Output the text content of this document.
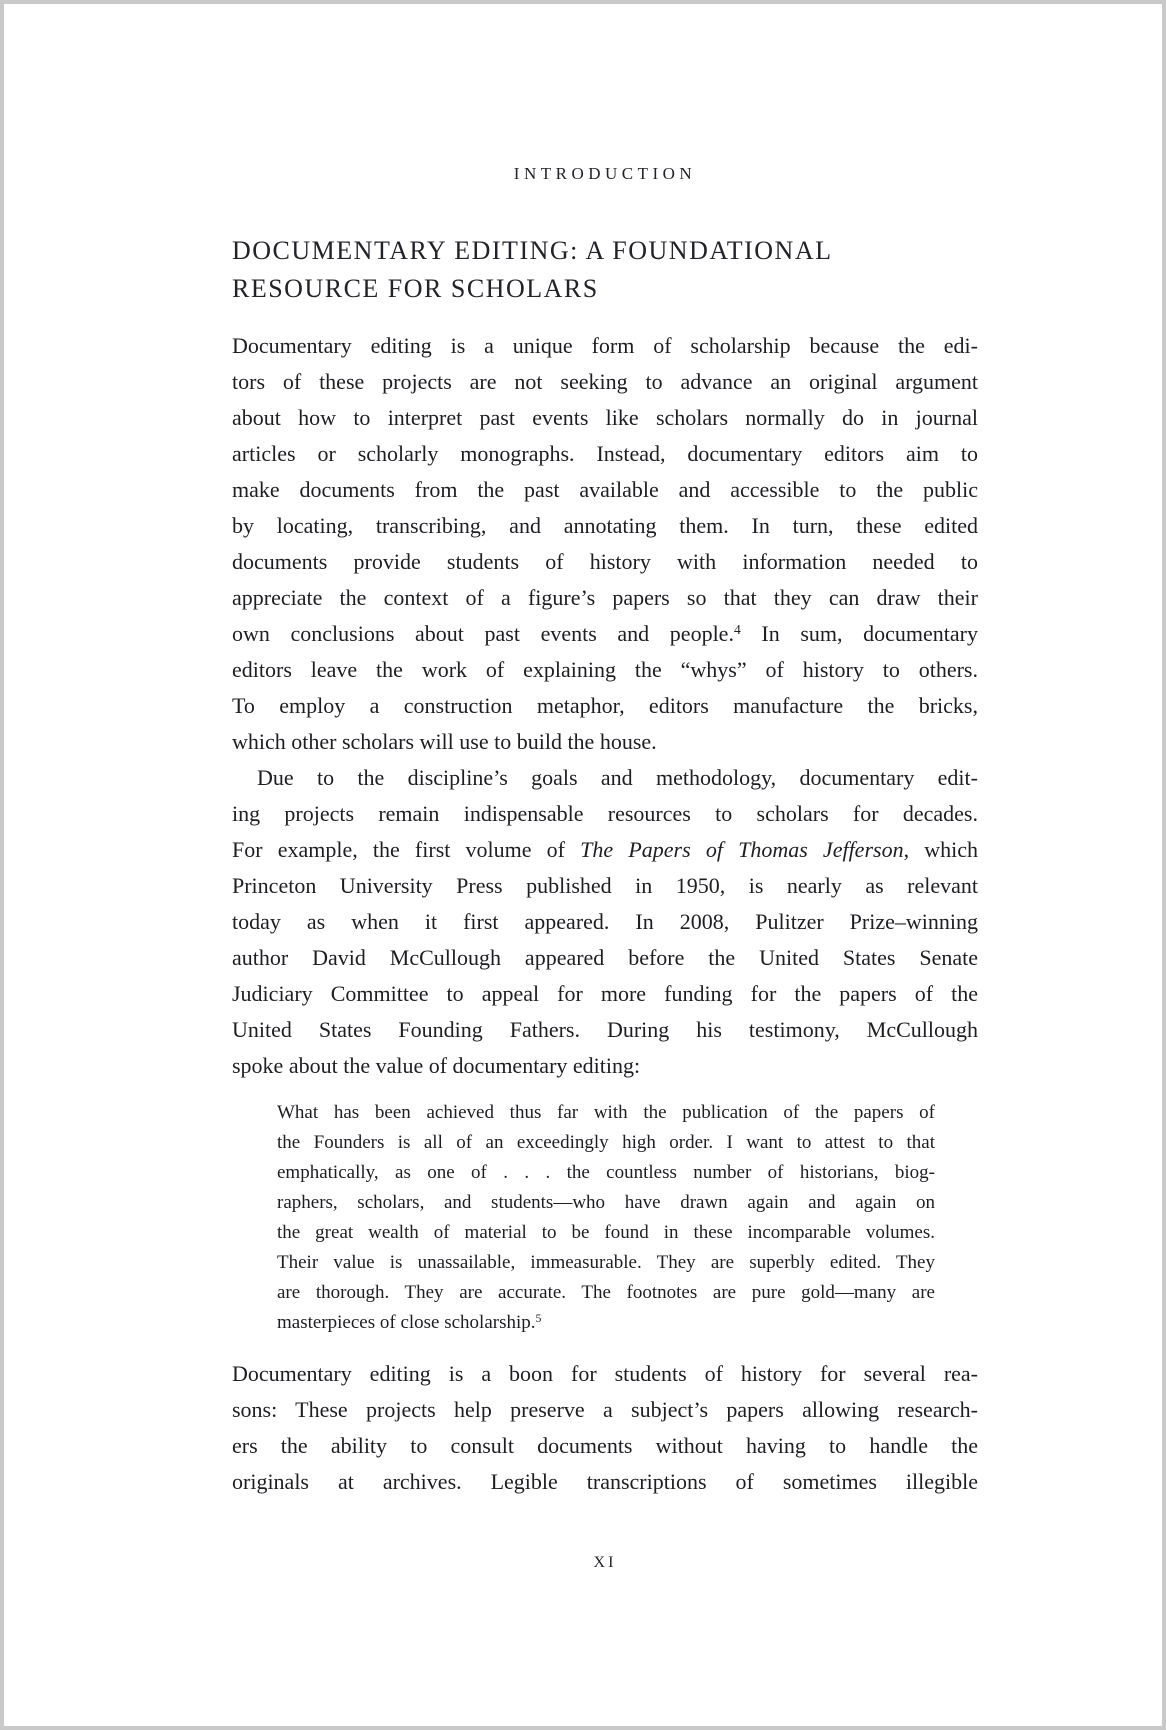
INTRODUCTION
DOCUMENTARY EDITING: A FOUNDATIONAL
RESOURCE FOR SCHOLARS
Documentary editing is a unique form of scholarship because the edi-
tors of these projects are not seeking to advance an original argument
about how to interpret past events like scholars normally do in journal
articles or scholarly monographs. Instead, documentary editors aim to
make documents from the past available and accessible to the public
by locating, transcribing, and annotating them. In turn, these edited
documents provide students of history with information needed to
appreciate the context of a figure’s papers so that they can draw their
own conclusions about past events and people.$^4$ In sum, documentary
editors leave the work of explaining the “whys” of history to others.
To employ a construction metaphor, editors manufacture the bricks,
which other scholars will use to build the house.
Due to the discipline’s goals and methodology, documentary edit-
ing projects remain indispensable resources to scholars for decades.
For example, the first volume of The Papers of Thomas Jefferson, which
Princeton University Press published in 1950, is nearly as relevant
today as when it first appeared. In 2008, Pulitzer Prize–winning
author David McCullough appeared before the United States Senate
Judiciary Committee to appeal for more funding for the papers of the
United States Founding Fathers. During his testimony, McCullough
spoke about the value of documentary editing:
What has been achieved thus far with the publication of the papers of
the Founders is all of an exceedingly high order. I want to attest to that
emphatically, as one of . . . the countless number of historians, biog-
raphers, scholars, and students—who have drawn again and again on
the great wealth of material to be found in these incomparable volumes.
Their value is unassailable, immeasurable. They are superbly edited. They
are thorough. They are accurate. The footnotes are pure gold—many are
masterpieces of close scholarship.$^5$
Documentary editing is a boon for students of history for several rea-
sons: These projects help preserve a subject’s papers allowing research-
ers the ability to consult documents without having to handle the
originals at archives. Legible transcriptions of sometimes illegible
XI
